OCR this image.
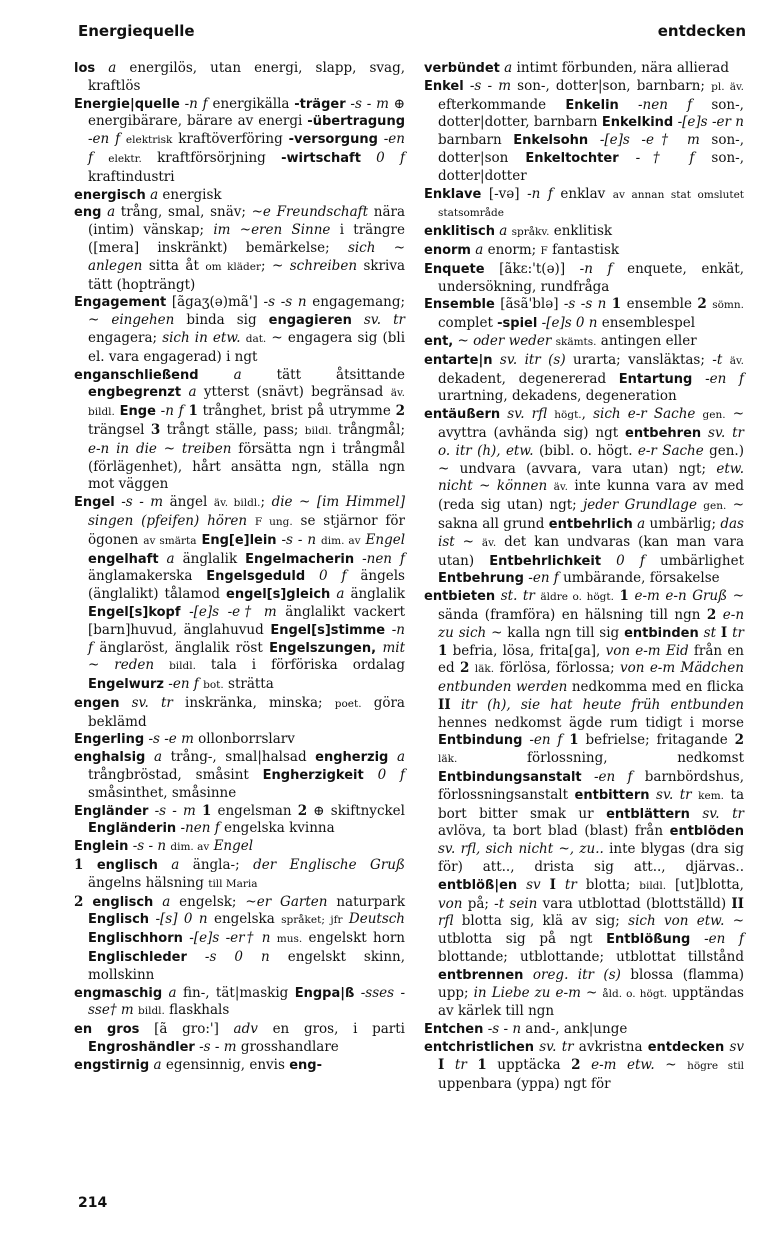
Energiequelle	entdecken
los a energilös, utan energi, slapp, svag, kraftlös
Energie|quelle -n f energikälla -träger -s - m ⊕ energibärare, bärare av energi -übertragung -en f elektrisk kraftöverföring -versorgung -en f elektr. kraftförsörjning -wirtschaft 0 f kraftindustri
energisch a energisk
eng a trång, smal, snäv; ~e Freundschaft nära (intim) vänskap; im ~eren Sinne i trängre ([mera] inskränkt) bemärkelse; sich ~ anlegen sitta åt om kläder; ~ schreiben skriva tätt (hopträngt)
Engagement [ãgaʒ(ə)mã'] -s -s n engagemang; ~ eingehen binda sig engagieren sv. tr engagera; sich in etw. dat. ~ engagera sig (bli el. vara engagerad) i ngt
enganschließend	a tätt åtsittande engbegrenzt a ytterst (snävt) begränsad äv. bildl. Enge -n f 1 trånghet, brist på utrymme 2 trängsel 3 trångt ställe, pass; bildl. trångmål; e-n in die ~ treiben försätta ngn i trångmål (förlägenhet), hårt ansätta ngn, ställa ngn mot väggen
Engel -s - m ängel äv. bildl.; die ~ [im Himmel] singen (pfeifen) hören F ung. se stjärnor för ögonen av smärta Eng[e]lein -s - n dim. av Engel engelhaft a änglalik Engelmacherin -nen f änglamakerska Engelsgeduld 0 f ängels (änglalikt) tålamod engel[s]gleich a änglalik Engel[s]kopf -[e]s -e† m änglalikt vackert [barn]huvud, änglahuvud Engel[s]stimme -n f änglaröst, änglalik röst Engelszungen, mit ~ reden bildl. tala i förföriska ordalag Engelwurz -en f bot. strätta
engen sv. tr inskränka, minska; poet. göra beklämd
Engerling -s -e m ollonborrslarv
enghalsig a trång-, smal|halsad engherzig a trångbröstad, småsint Engherzigkeit 0 f småsinthet, småsinne
Engländer -s - m 1 engelsman 2 ⊕ skiftnyckel Engländerin -nen f engelska kvinna
Englein -s - n dim. av Engel
1 englisch a ängla-; der Englische Gruß ängelns hälsning till Maria
2 englisch a engelsk; ~er Garten naturpark Englisch -[s] 0 n engelska språket; jfr Deutsch Englischhorn -[e]s -er† n mus. engelskt horn Englischleder -s 0 n engelskt skinn, mollskinn
engmaschig a fin-, tät|maskig Engpa|ß -sses -sse† m bildl. flaskhals
en gros [ã gro:'] adv en gros, i parti Engroshändler -s - m grosshandlare
engstirnig a egensinnig, envis eng-
verbündet a intimt förbunden, nära allierad
Enkel -s - m son-, dotter|son, barnbarn; pl. äv. efterkommande Enkelin -nen f son-, dotter|dotter, barnbarn Enkelkind -[e]s -er n barnbarn Enkelsohn -[e]s -e† m son-, dotter|son Enkeltochter -† f son-, dotter|dotter
Enklave [-və] -n f enklav av annan stat omslutet statsområde
enklitisch a språkv. enklitisk
enorm a enorm; F fantastisk
Enquete [ãkɛ:'t(ə)] -n f enquete, enkät, undersökning, rundfråga
Ensemble [ãsã'blə] -s -s n 1 ensemble 2 sömn. complet -spiel -[e]s 0 n ensemblespel
ent, ~ oder weder skämts. antingen eller
entarte|n sv. itr (s) urarta; vansläktas; -t äv. dekadent, degenererad Entartung -en f urartning, dekadens, degeneration
entäußern sv. rfl högt., sich e-r Sache gen. ~ avyttra (avhända sig) ngt entbehren sv. tr o. itr (h), etw. (bibl. o. högt. e-r Sache gen.) ~ undvara (avvara, vara utan) ngt; etw. nicht ~ können äv. inte kunna vara av med (reda sig utan) ngt; jeder Grundlage gen. ~ sakna all grund entbehrlich a umbärlig; das ist ~ äv. det kan undvaras (kan man vara utan) Entbehrlichkeit 0 f umbärlighet Entbehrung -en f umbärande, försakelse
entbieten st. tr äldre o. högt. 1 e-m e-n Gruß ~ sända (framföra) en hälsning till ngn 2 e-n zu sich ~ kalla ngn till sig entbinden st I tr 1 befria, lösa, frita[ga], von e-m Eid från en ed 2 läk. förlösa, förlossa; von e-m Mädchen entbunden werden nedkomma med en flicka II itr (h), sie hat heute früh entbunden hennes nedkomst ägde rum tidigt i morse Entbindung -en f 1 befrielse; fritagande 2 läk. förlossning, nedkomst Entbindungsanstalt -en f barnbördshus, förlossningsanstalt entbittern sv. tr kem. ta bort bitter smak ur entblättern sv. tr avlöva, ta bort blad (blast) från entblöden sv. rfl, sich nicht ~, zu.. inte blygas (dra sig för) att.., drista sig att.., djärvas.. entblöß|en sv I tr blotta; bildl. [ut]blotta, von på; -t sein vara utblottad (blottställd) II rfl blotta sig, klä av sig; sich von etw. ~ utblotta sig på ngt Entblößung -en f blottande; utblottande; utblottat tillstånd entbrennen oreg. itr (s) blossa (flamma) upp; in Liebe zu e-m ~ åld. o. högt. upptändas av kärlek till ngn
Entchen -s - n and-, ank|unge
entchristlichen sv. tr avkristna entdecken sv I tr 1 upptäcka 2 e-m etw. ~ högre stil uppenbara (yppa) ngt för
214
